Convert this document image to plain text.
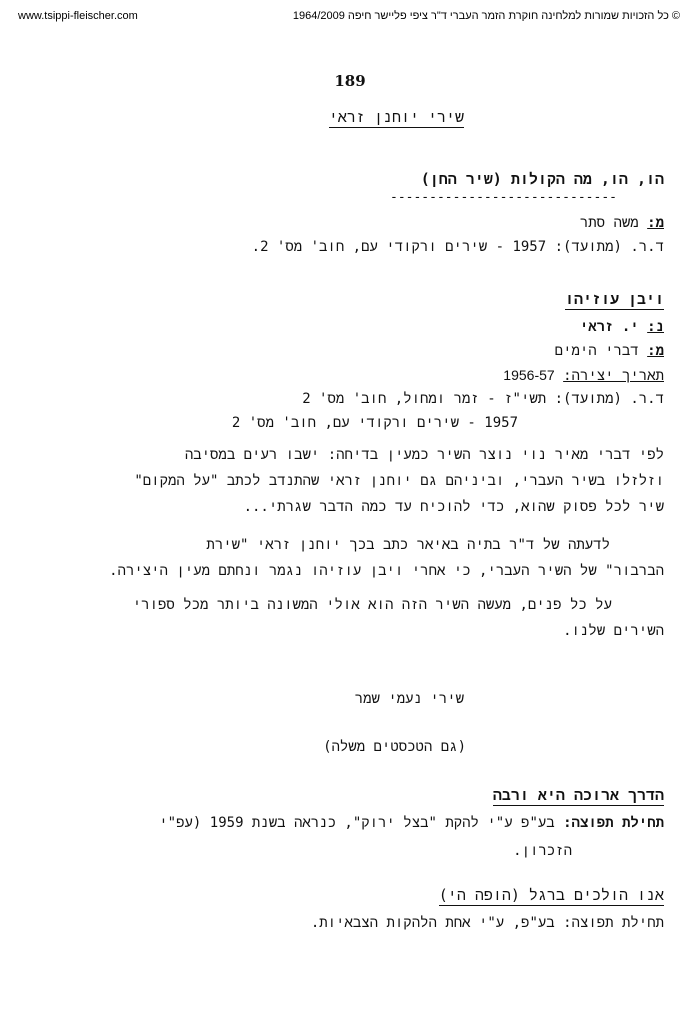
www.tsippi-fleischer.com	© כל הזכויות שמורות למלחינה חוקרת הזמר העברי ד"ר ציפי פליישר חיפה 1964/2009
189
שירי יוחנן זראי
הו, הו, מה הקולות (שיר החן)
-----------------------------
מ: משה סתר
ד.ר. (מתועד): 1957 - שירים ורקודי עם, חוב' מס' 2.
ויבן עוזיהו
נ: י. זראי
מ: דברי הימים
תאריך יצירה: 1956-57
ד.ר. (מתועד): תשי"ז - זמר ומחול, חוב' מס' 2
1957 - שירים ורקודי עם, חוב' מס' 2
לפי דברי מאיר נוי נוצר השיר כמעין בדיחה: ישבו רעים במסיבה
וזלזלו בשיר העברי, וביניהם גם יוחנן זראי שהתנדב לכתב "על המקום"
שיר לכל פסוק שהוא, כדי להוכיח עד כמה הדבר שגרתי...
לדעתה של ד"ר בתיה באיאר כתב בכך יוחנן זראי "שירת
הברבור" של השיר העברי, כי אחרי ויבן עוזיהו נגמר ונחתם מעין היצירה.
על כל פנים, מעשה השיר הזה הוא אולי המשונה ביותר מכל ספורי
השירים שלנו.
שירי נעמי שמר
(גם הטכסטים משלה)
הדרך ארוכה היא ורבה
תחילת תפוצה: בע"פ ע"י להקת "בצל ירוק", כנראה בשנת 1959 (עפ"י
הזכרון.
אנו הולכים ברגל (הופה הי)
תחילת תפוצה: בע"פ, ע"י אחת הלהקות הצבאיות.
